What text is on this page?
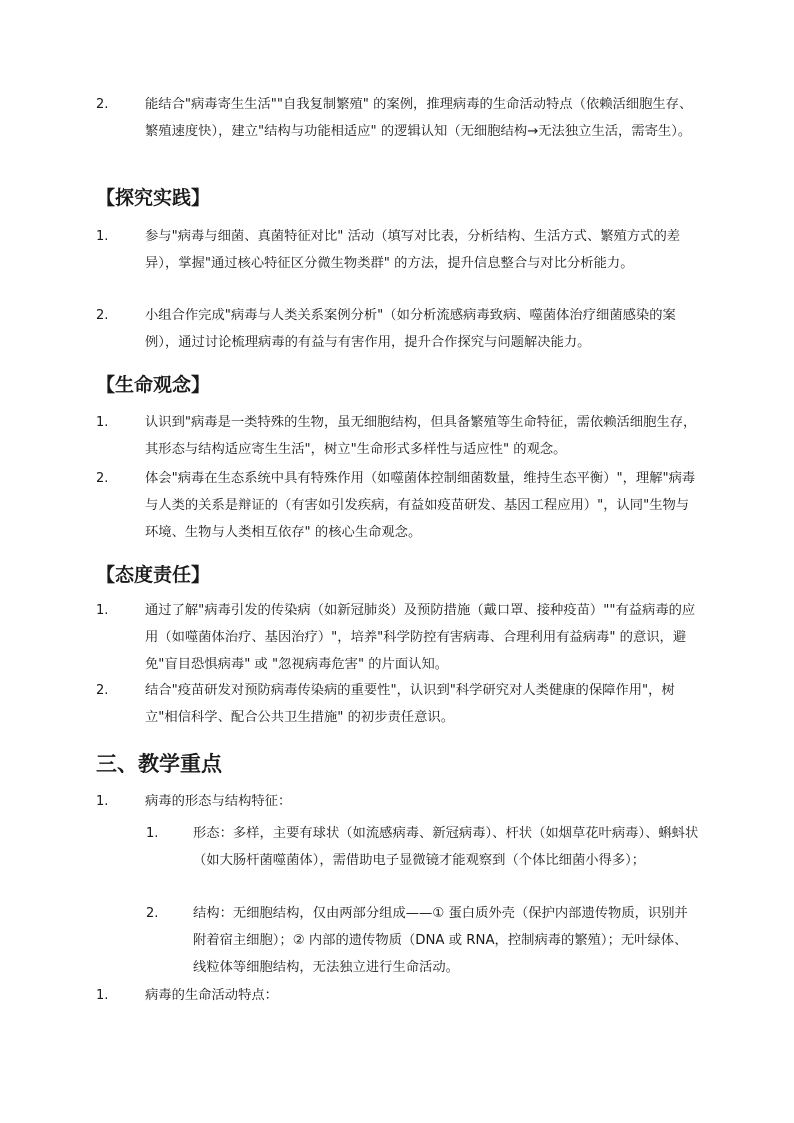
2.	能结合"病毒寄生生活""自我复制繁殖" 的案例，推理病毒的生命活动特点（依赖活细胞生存、繁殖速度快），建立"结构与功能相适应" 的逻辑认知（无细胞结构→无法独立生活，需寄生）。
【探究实践】
1.	参与"病毒与细菌、真菌特征对比" 活动（填写对比表，分析结构、生活方式、繁殖方式的差异），掌握"通过核心特征区分微生物类群" 的方法，提升信息整合与对比分析能力。
2.	小组合作完成"病毒与人类关系案例分析"（如分析流感病毒致病、噬菌体治疗细菌感染的案例），通过讨论梳理病毒的有益与有害作用，提升合作探究与问题解决能力。
【生命观念】
1.	认识到"病毒是一类特殊的生物，虽无细胞结构，但具备繁殖等生命特征，需依赖活细胞生存，其形态与结构适应寄生生活"，树立"生命形式多样性与适应性" 的观念。
2.	体会"病毒在生态系统中具有特殊作用（如噬菌体控制细菌数量，维持生态平衡）"，理解"病毒与人类的关系是辩证的（有害如引发疾病，有益如疫苗研发、基因工程应用）"，认同"生物与环境、生物与人类相互依存" 的核心生命观念。
【态度责任】
1.	通过了解"病毒引发的传染病（如新冠肺炎）及预防措施（戴口罩、接种疫苗）""有益病毒的应用（如噬菌体治疗、基因治疗）"，培养"科学防控有害病毒、合理利用有益病毒" 的意识，避免"盲目恐惧病毒" 或 "忽视病毒危害" 的片面认知。
2.	结合"疫苗研发对预防病毒传染病的重要性"，认识到"科学研究对人类健康的保障作用"，树立"相信科学、配合公共卫生措施" 的初步责任意识。
三、教学重点
1.	病毒的形态与结构特征：
1.	形态：多样，主要有球状（如流感病毒、新冠病毒）、杆状（如烟草花叶病毒）、蝌蚪状（如大肠杆菌噬菌体），需借助电子显微镜才能观察到（个体比细菌小得多）；
2.	结构：无细胞结构，仅由两部分组成——① 蛋白质外壳（保护内部遗传物质，识别并附着宿主细胞）；② 内部的遗传物质（DNA 或 RNA，控制病毒的繁殖）；无叶绿体、线粒体等细胞结构，无法独立进行生命活动。
1.	病毒的生命活动特点：
